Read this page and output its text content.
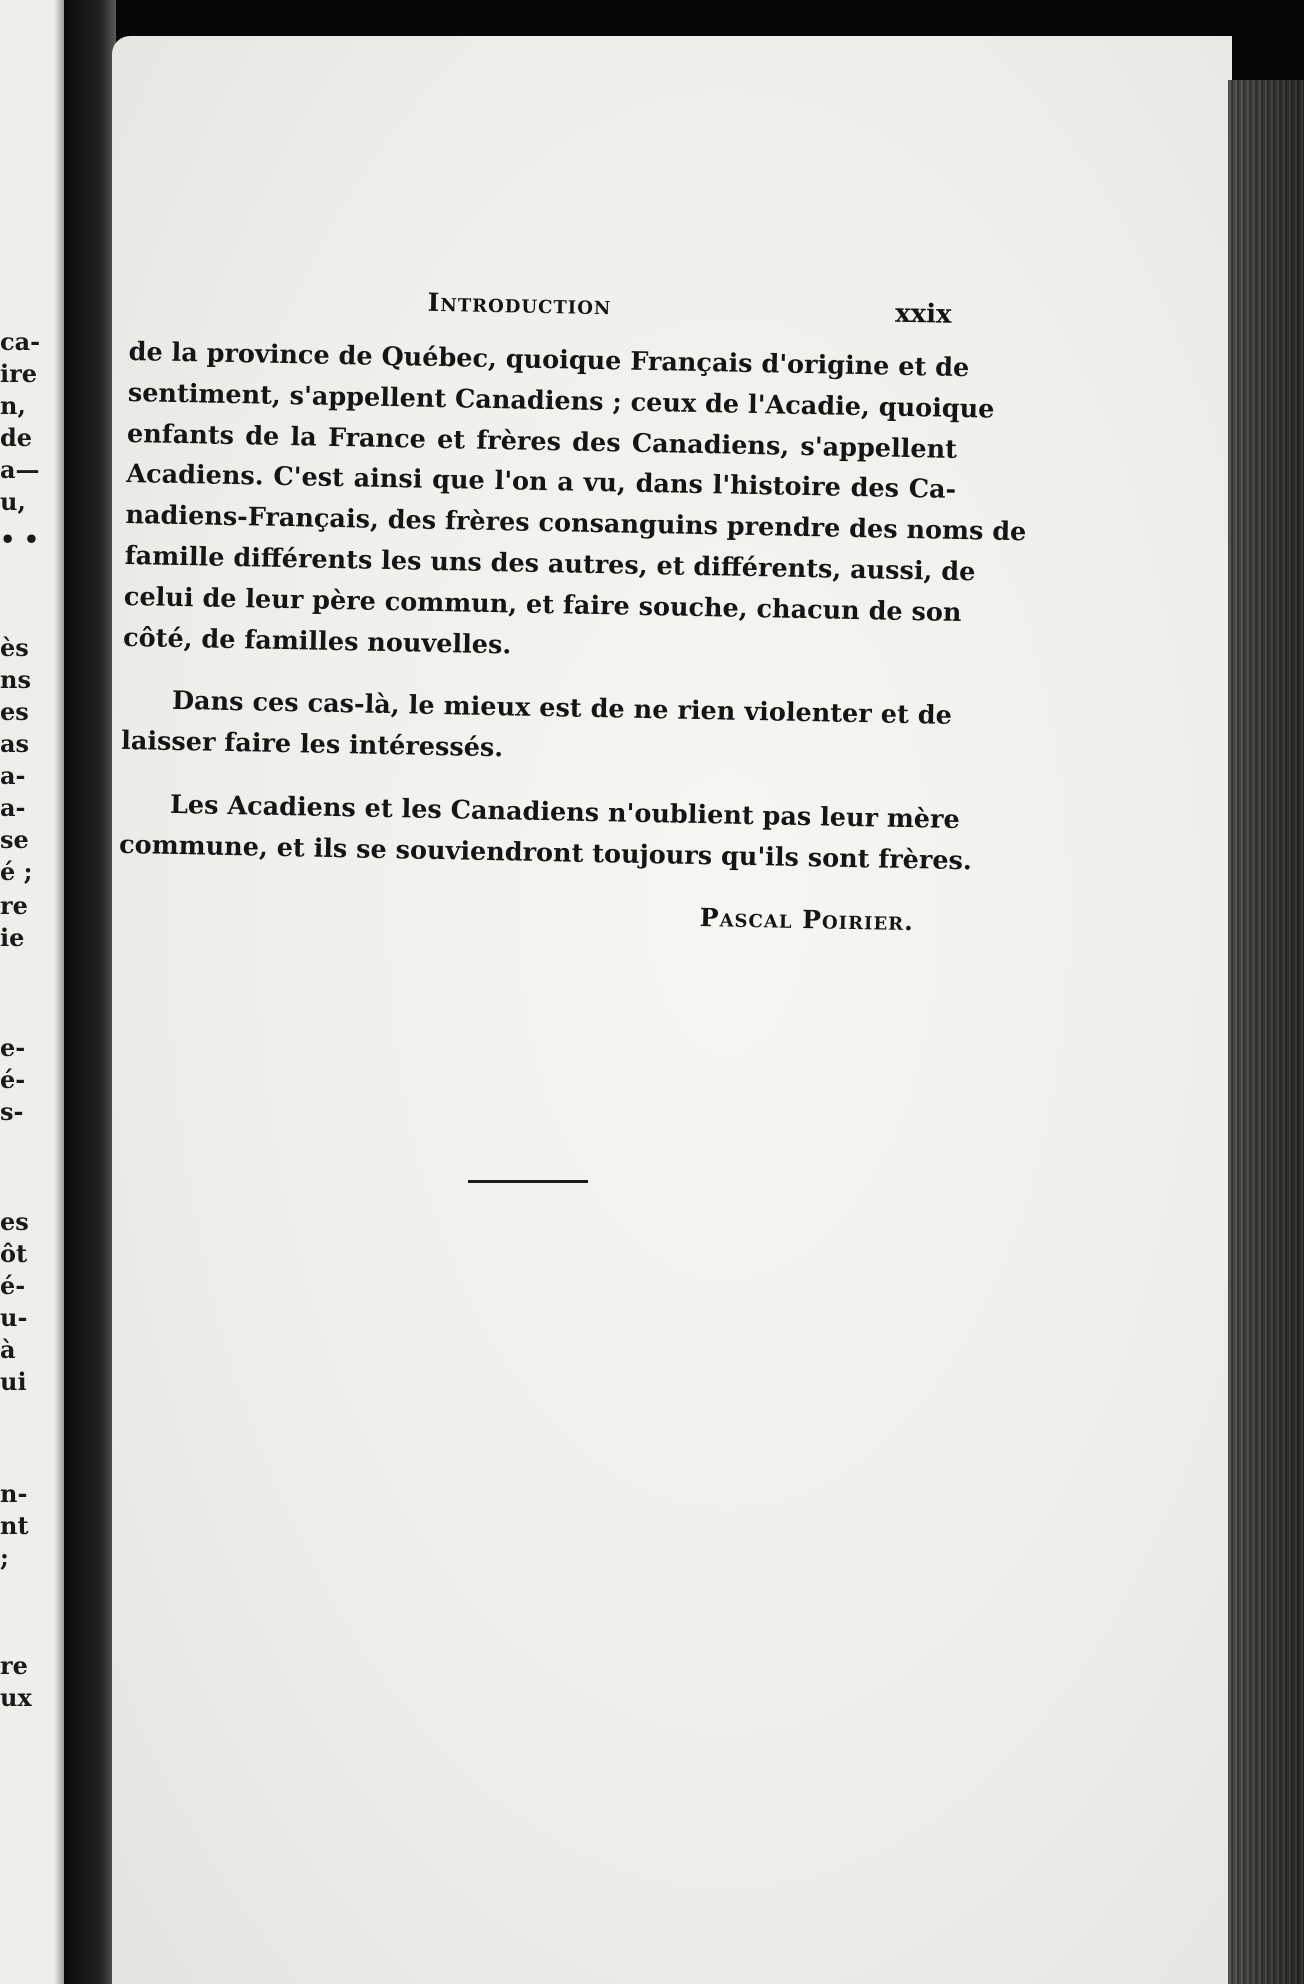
ca-
ire
n,
de
a—
u,
• •
ès
ns
es
as
a-
a-
se
é ;
re
ie
e-
é-
s-
es
ôt
é-
u-
à
ui
n-
nt
;
re
ux
Introduction	xxix

de la province de Québec, quoique Français d'origine et de
sentiment, s'appellent Canadiens ; ceux de l'Acadie, quoique
enfants de la France et frères des Canadiens, s'appellent
Acadiens. C'est ainsi que l'on a vu, dans l'histoire des Ca-
nadiens-Français, des frères consanguins prendre des noms de
famille différents les uns des autres, et différents, aussi, de
celui de leur père commun, et faire souche, chacun de son
côté, de familles nouvelles.

Dans ces cas-là, le mieux est de ne rien violenter et de
laisser faire les intéressés.

Les Acadiens et les Canadiens n'oublient pas leur mère
commune, et ils se souviendront toujours qu'ils sont frères.

Pascal Poirier.
